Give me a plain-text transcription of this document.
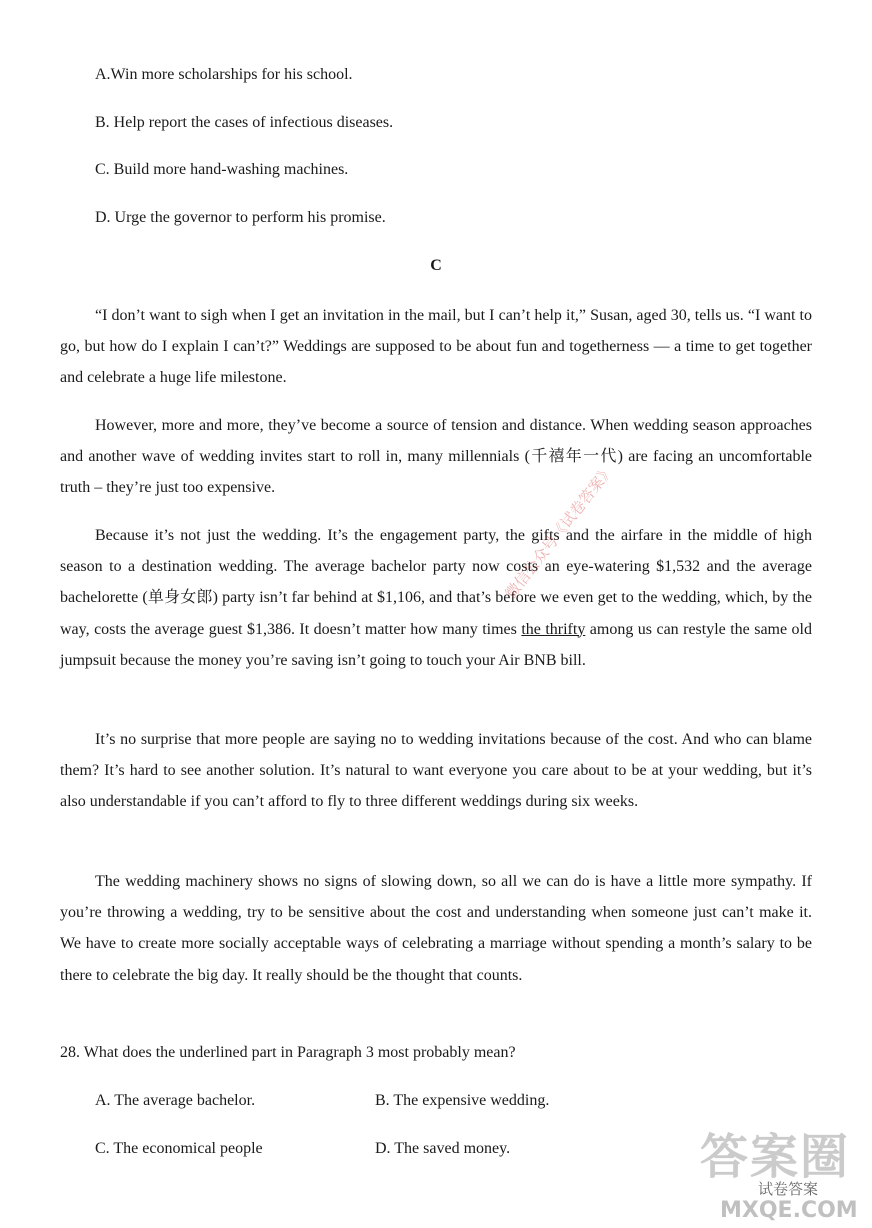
A.Win more scholarships for his school.
B. Help report the cases of infectious diseases.
C. Build more hand-washing machines.
D. Urge the governor to perform his promise.
C
“I don’t want to sigh when I get an invitation in the mail, but I can’t help it,” Susan, aged 30, tells us. “I want to go, but how do I explain I can’t?” Weddings are supposed to be about fun and togetherness — a time to get together and celebrate a huge life milestone.
However, more and more, they’ve become a source of tension and distance. When wedding season approaches and another wave of wedding invites start to roll in, many millennials (千禧年一代) are facing an uncomfortable truth – they’re just too expensive.
Because it’s not just the wedding. It’s the engagement party, the gifts and the airfare in the middle of high season to a destination wedding. The average bachelor party now costs an eye-watering $1,532 and the average bachelorette (单身女郎) party isn’t far behind at $1,106, and that’s before we even get to the wedding, which, by the way, costs the average guest $1,386. It doesn’t matter how many times the thrifty among us can restyle the same old jumpsuit because the money you’re saving isn’t going to touch your Air BNB bill.
It’s no surprise that more people are saying no to wedding invitations because of the cost. And who can blame them? It’s hard to see another solution. It’s natural to want everyone you care about to be at your wedding, but it’s also understandable if you can’t afford to fly to three different weddings during six weeks.
The wedding machinery shows no signs of slowing down, so all we can do is have a little more sympathy. If you’re throwing a wedding, try to be sensitive about the cost and understanding when someone just can’t make it. We have to create more socially acceptable ways of celebrating a marriage without spending a month’s salary to be there to celebrate the big day. It really should be the thought that counts.
28. What does the underlined part in Paragraph 3 most probably mean?
A. The average bachelor.	B. The expensive wedding.
C. The economical people	D. The saved money.
微信公众号《试卷答案》
答案圈
试卷答案
MXQE.COM
